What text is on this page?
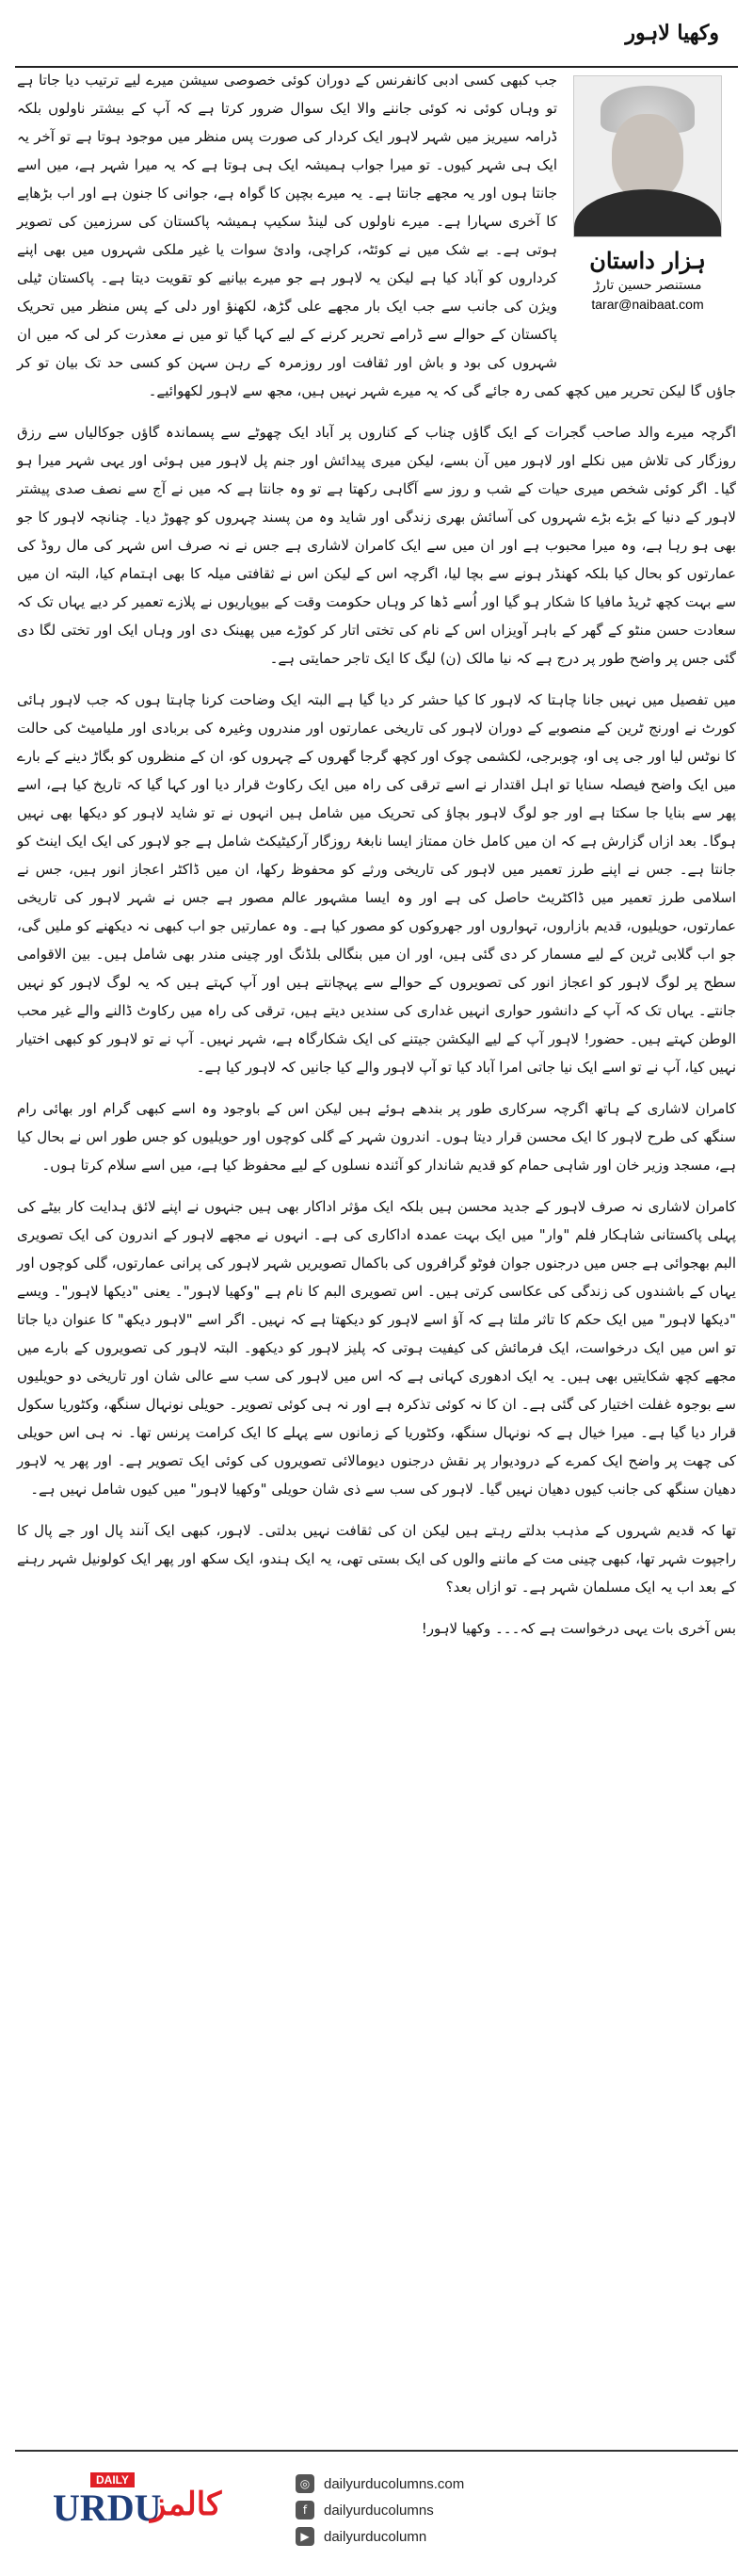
وکھیا لاہور

جب کبھی کسی ادبی کانفرنس کے دوران کوئی خصوصی سیشن میرے لیے ترتیب دیا جاتا ہے تو وہاں کوئی نہ کوئی جاننے والا ایک سوال ضرور کرتا ہے کہ آپ کے بیشتر ناولوں بلکہ ڈرامہ سیریز میں شہر لاہور ایک کردار کی صورت پس منظر میں موجود ہوتا ہے تو آخر یہ ایک ہی شہر کیوں۔ تو میرا جواب ہمیشہ ایک ہی ہوتا ہے کہ یہ میرا شہر ہے، میں اسے جانتا ہوں اور یہ مجھے جانتا ہے۔ یہ میرے بچپن کا گواہ ہے، جوانی کا جنون ہے اور اب بڑھاپے کا آخری سہارا ہے۔ میرے ناولوں کی لینڈ سکیپ ہمیشہ پاکستان کی سرزمین کی تصویر ہوتی ہے۔ بے شک میں نے کوئٹہ، کراچی، وادیٔ سوات یا غیر ملکی شہروں میں بھی اپنے کرداروں کو آباد کیا ہے لیکن یہ لاہور ہے جو میرے بیانیے کو تقویت دیتا ہے۔ پاکستان ٹیلی ویژن کی جانب سے جب ایک بار مجھے علی گڑھ، لکھنؤ اور دلی کے پس منظر میں تحریک پاکستان کے حوالے سے ڈرامے تحریر کرنے کے لیے کہا گیا تو میں نے معذرت کر لی کہ میں ان شہروں کی بود و باش اور ثقافت اور روزمرہ کے رہن سہن کو کسی حد تک بیان تو کر جاؤں گا لیکن تحریر میں کچھ کمی رہ جائے گی کہ یہ میرے شہر نہیں ہیں، مجھ سے لاہور لکھوائیے۔

اگرچہ میرے والد صاحب گجرات کے ایک گاؤں چناب کے کناروں پر آباد ایک چھوٹے سے پسماندہ گاؤں جوکالیاں سے رزق روزگار کی تلاش میں نکلے اور لاہور میں آن بسے، لیکن میری پیدائش اور جنم پل لاہور میں ہوئی اور یہی شہر میرا ہو گیا۔ اگر کوئی شخص میری حیات کے شب و روز سے آگاہی رکھتا ہے تو وہ جانتا ہے کہ میں نے آج سے نصف صدی پیشتر لاہور کے دنیا کے بڑے بڑے شہروں کی آسائش بھری زندگی اور شاید وہ من پسند چہروں کو چھوڑ دیا۔ چنانچہ لاہور کا جو بھی ہو رہا ہے، وہ میرا محبوب ہے اور ان میں سے ایک کامران لاشاری ہے جس نے نہ صرف اس شہر کی مال روڈ کی عمارتوں کو بحال کیا بلکہ کھنڈر ہونے سے بچا لیا، اگرچہ اس کے لیکن اس نے ثقافتی میلہ کا بھی اہتمام کیا، البتہ ان میں سے بہت کچھ ٹریڈ مافیا کا شکار ہو گیا اور اُسے ڈھا کر وہاں حکومت وقت کے بیوپاریوں نے پلازے تعمیر کر دیے یہاں تک کہ سعادت حسن منٹو کے گھر کے باہر آویزاں اس کے نام کی تختی اتار کر کوڑے میں پھینک دی اور وہاں ایک اور تختی لگا دی گئی جس پر واضح طور پر درج ہے کہ نیا مالک (ن) لیگ کا ایک تاجر حمایتی ہے۔

میں تفصیل میں نہیں جانا چاہتا کہ لاہور کا کیا حشر کر دیا گیا ہے البتہ ایک وضاحت کرنا چاہتا ہوں کہ جب لاہور ہائی کورٹ نے اورنج ٹرین کے منصوبے کے دوران لاہور کی تاریخی عمارتوں اور مندروں وغیرہ کی بربادی اور ملیامیٹ کی حالت کا نوٹس لیا اور جی پی او، چوبرجی، لکشمی چوک اور کچھ گرجا گھروں کے چہروں کو، ان کے منظروں کو بگاڑ دینے کے بارے میں ایک واضح فیصلہ سنایا تو اہل اقتدار نے اسے ترقی کی راہ میں ایک رکاوٹ قرار دیا اور کہا گیا کہ تاریخ کیا ہے، اسے پھر سے بنایا جا سکتا ہے اور جو لوگ لاہور بچاؤ کی تحریک میں شامل ہیں انہوں نے تو شاید لاہور کو دیکھا بھی نہیں ہوگا۔ بعد ازاں گزارش ہے کہ ان میں کامل خان ممتاز ایسا نابغۂ روزگار آرکیٹیکٹ شامل ہے جو لاہور کی ایک ایک اینٹ کو جانتا ہے۔ جس نے اپنے طرز تعمیر میں لاہور کی تاریخی ورثے کو محفوظ رکھا، ان میں ڈاکٹر اعجاز انور ہیں، جس نے اسلامی طرز تعمیر میں ڈاکٹریٹ حاصل کی ہے اور وہ ایسا مشہور عالم مصور ہے جس نے شہر لاہور کی تاریخی عمارتوں، حویلیوں، قدیم بازاروں، تہواروں اور جھروکوں کو مصور کیا ہے۔ وہ عمارتیں جو اب کبھی نہ دیکھنے کو ملیں گی، جو اب گلابی ٹرین کے لیے مسمار کر دی گئی ہیں، اور ان میں بنگالی بلڈنگ اور چینی مندر بھی شامل ہیں۔ بین الاقوامی سطح پر لوگ لاہور کو اعجاز انور کی تصویروں کے حوالے سے پہچانتے ہیں اور آپ کہتے ہیں کہ یہ لوگ لاہور کو نہیں جانتے۔ یہاں تک کہ آپ کے دانشور حواری انہیں غداری کی سندیں دیتے ہیں، ترقی کی راہ میں رکاوٹ ڈالنے والے غیر محب الوطن کہتے ہیں۔ حضور! لاہور آپ کے لیے الیکشن جیتنے کی ایک شکارگاہ ہے، شہر نہیں۔ آپ نے تو لاہور کو کبھی اختیار نہیں کیا، آپ نے تو اسے ایک نیا جاتی امرا آباد کیا تو آپ لاہور والے کیا جانیں کہ لاہور کیا ہے۔

کامران لاشاری کے ہاتھ اگرچہ سرکاری طور پر بندھے ہوئے ہیں لیکن اس کے باوجود وہ اسے کبھی گرام اور بھائی رام سنگھ کی طرح لاہور کا ایک محسن قرار دیتا ہوں۔ اندرون شہر کے گلی کوچوں اور حویلیوں کو جس طور اس نے بحال کیا ہے، مسجد وزیر خان اور شاہی حمام کو قدیم شاندار کو آئندہ نسلوں کے لیے محفوظ کیا ہے، میں اسے سلام کرتا ہوں۔

کامران لاشاری نہ صرف لاہور کے جدید محسن ہیں بلکہ ایک مؤثر اداکار بھی ہیں جنہوں نے اپنے لائق ہدایت کار بیٹے کی پہلی پاکستانی شاہکار فلم "وار" میں ایک بہت عمدہ اداکاری کی ہے۔ انہوں نے مجھے لاہور کے اندرون کی ایک تصویری البم بھجوائی ہے جس میں درجنوں جوان فوٹو گرافروں کی باکمال تصویریں شہر لاہور کی پرانی عمارتوں، گلی کوچوں اور یہاں کے باشندوں کی زندگی کی عکاسی کرتی ہیں۔ اس تصویری البم کا نام ہے "وکھیا لاہور"۔ یعنی "دیکھا لاہور"۔ ویسے "دیکھا لاہور" میں ایک حکم کا تاثر ملتا ہے کہ آؤ اسے لاہور کو دیکھتا ہے کہ نہیں۔ اگر اسے "لاہور دیکھ" کا عنوان دیا جاتا تو اس میں ایک درخواست، ایک فرمائش کی کیفیت ہوتی کہ پلیز لاہور کو دیکھو۔ البتہ لاہور کی تصویروں کے بارے میں مجھے کچھ شکایتیں بھی ہیں۔ یہ ایک ادھوری کہانی ہے کہ اس میں لاہور کی سب سے عالی شان اور تاریخی دو حویلیوں سے بوجوہ غفلت اختیار کی گئی ہے۔ ان کا نہ کوئی تذکرہ ہے اور نہ ہی کوئی تصویر۔ حویلی نونہال سنگھ، وکٹوریا سکول قرار دیا گیا ہے۔ میرا خیال ہے کہ نونہال سنگھ، وکٹوریا کے زمانوں سے پہلے کا ایک کرامت پرنس تھا۔ نہ ہی اس حویلی کی چھت پر واضح ایک کمرے کے درودیوار پر نقش درجنوں دیومالائی تصویروں کی کوئی ایک تصویر ہے۔ اور پھر یہ لاہور دھیان سنگھ کی جانب کیوں دھیان نہیں گیا۔ لاہور کی سب سے ذی شان حویلی "وکھیا لاہور" میں کیوں شامل نہیں ہے۔

تھا کہ قدیم شہروں کے مذہب بدلتے رہتے ہیں لیکن ان کی ثقافت نہیں بدلتی۔ لاہور، کبھی ایک آنند پال اور جے پال کا راجپوت شہر تھا، کبھی چینی مت کے ماننے والوں کی ایک بستی تھی، یہ ایک ہندو، ایک سکھ اور پھر ایک کولونیل شہر رہنے کے بعد اب یہ ایک مسلمان شہر ہے۔ تو ازاں بعد؟

بس آخری بات یہی درخواست ہے کہ۔۔۔ وکھیا لاہور!

ہزار داستان
مستنصر حسین تارڑ
tarar@naibaat.com
DAILY
URDU
کالمز
◎ dailyurducolumns.com
f	dailyurducolumns
▶	dailyurducolumn
